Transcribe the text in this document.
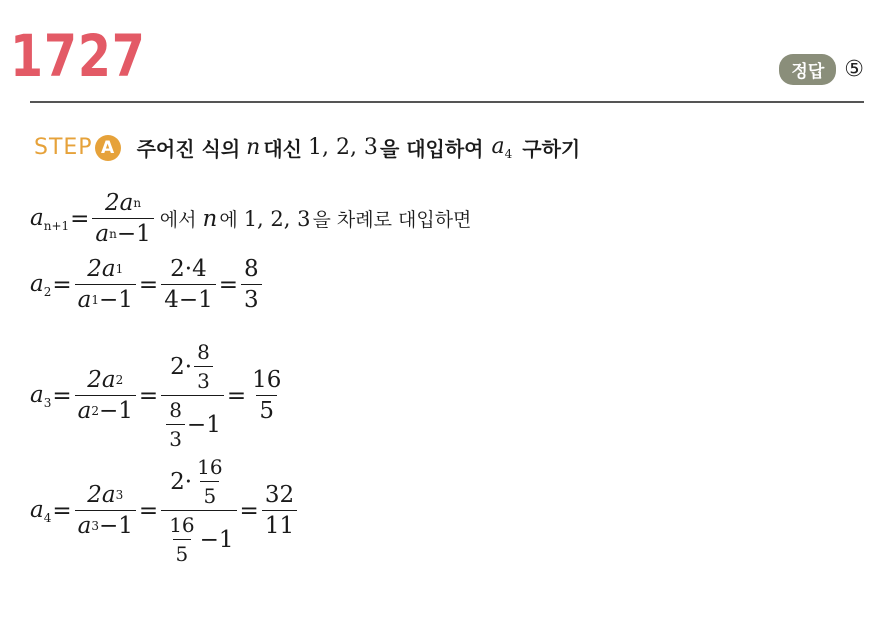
1727	정답 ⑤
STEP A	주어진 식의 n 대신 1, 2, 3 을 대입하여 $a_4$ 구하기
$a_{n+1} = \frac{\text{2a n}}{\text{a n −1}}$ 에서 n 에 1, 2, 3 을 차례로 대입하면
$a_2 = \frac{2a 1}{a 1 -1} = \frac{2\cdot 4}{4-1} = \frac{8}{3}$
$a_3 = \frac{2a 2}{a 2 -1} = \frac{2\cdot \frac{8}{3}}{\frac{8}{3} -1} = \frac{16}{5}$
$a_4 = \frac{2a 3}{a 3 -1} = \frac{2\cdot \frac{16}{5}}{\frac{16}{5} -1} = \frac{32}{11}$
